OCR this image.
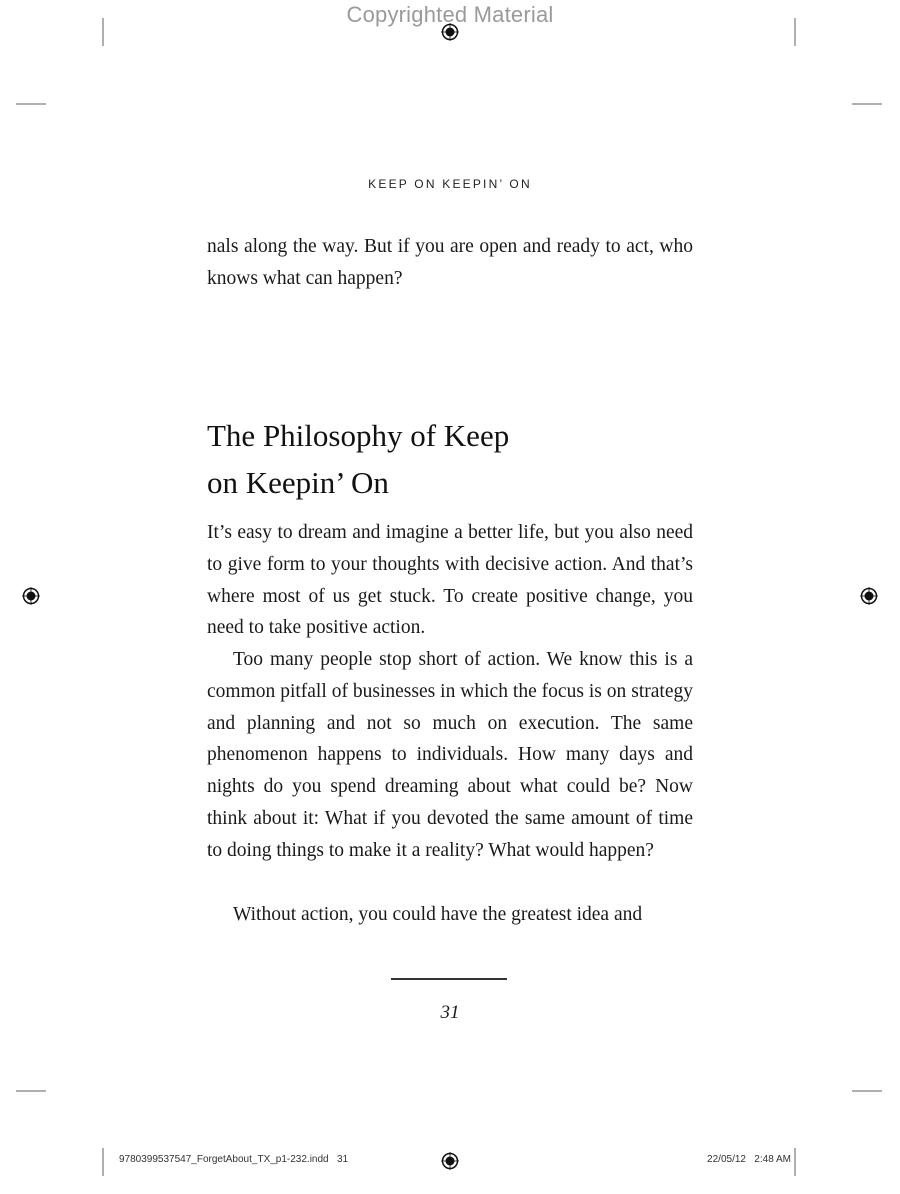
Copyrighted Material
KEEP ON KEEPIN’ ON

nals along the way. But if you are open and ready to act, who knows what can happen?

The Philosophy of Keep
on Keepin’ On

It’s easy to dream and imagine a better life, but you also need to give form to your thoughts with decisive action. And that’s where most of us get stuck. To create positive change, you need to take positive action.

Too many people stop short of action. We know this is a common pitfall of businesses in which the focus is on strategy and planning and not so much on execution. The same phenomenon happens to individuals. How many days and nights do you spend dreaming about what could be? Now think about it: What if you devoted the same amount of time to doing things to make it a reality? What would happen?

Without action, you could have the greatest idea and

31
9780399537547_ForgetAbout_TX_p1-232.indd   31	22/05/12   2:48 AM
